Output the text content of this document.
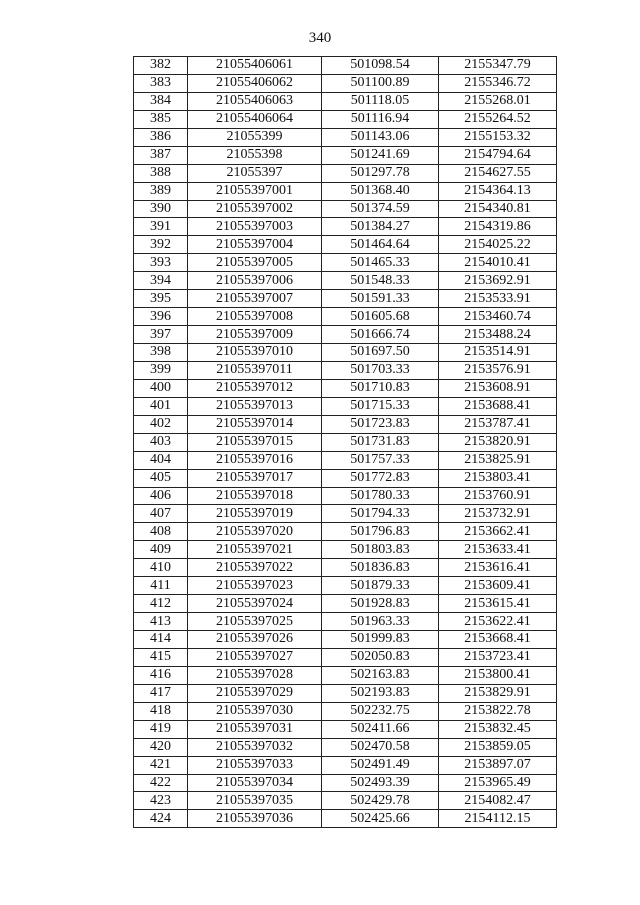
340
382	21055406061	501098.54	2155347.79
383	21055406062	501100.89	2155346.72
384	21055406063	501118.05	2155268.01
385	21055406064	501116.94	2155264.52
386	21055399	501143.06	2155153.32
387	21055398	501241.69	2154794.64
388	21055397	501297.78	2154627.55
389	21055397001	501368.40	2154364.13
390	21055397002	501374.59	2154340.81
391	21055397003	501384.27	2154319.86
392	21055397004	501464.64	2154025.22
393	21055397005	501465.33	2154010.41
394	21055397006	501548.33	2153692.91
395	21055397007	501591.33	2153533.91
396	21055397008	501605.68	2153460.74
397	21055397009	501666.74	2153488.24
398	21055397010	501697.50	2153514.91
399	21055397011	501703.33	2153576.91
400	21055397012	501710.83	2153608.91
401	21055397013	501715.33	2153688.41
402	21055397014	501723.83	2153787.41
403	21055397015	501731.83	2153820.91
404	21055397016	501757.33	2153825.91
405	21055397017	501772.83	2153803.41
406	21055397018	501780.33	2153760.91
407	21055397019	501794.33	2153732.91
408	21055397020	501796.83	2153662.41
409	21055397021	501803.83	2153633.41
410	21055397022	501836.83	2153616.41
411	21055397023	501879.33	2153609.41
412	21055397024	501928.83	2153615.41
413	21055397025	501963.33	2153622.41
414	21055397026	501999.83	2153668.41
415	21055397027	502050.83	2153723.41
416	21055397028	502163.83	2153800.41
417	21055397029	502193.83	2153829.91
418	21055397030	502232.75	2153822.78
419	21055397031	502411.66	2153832.45
420	21055397032	502470.58	2153859.05
421	21055397033	502491.49	2153897.07
422	21055397034	502493.39	2153965.49
423	21055397035	502429.78	2154082.47
424	21055397036	502425.66	2154112.15
